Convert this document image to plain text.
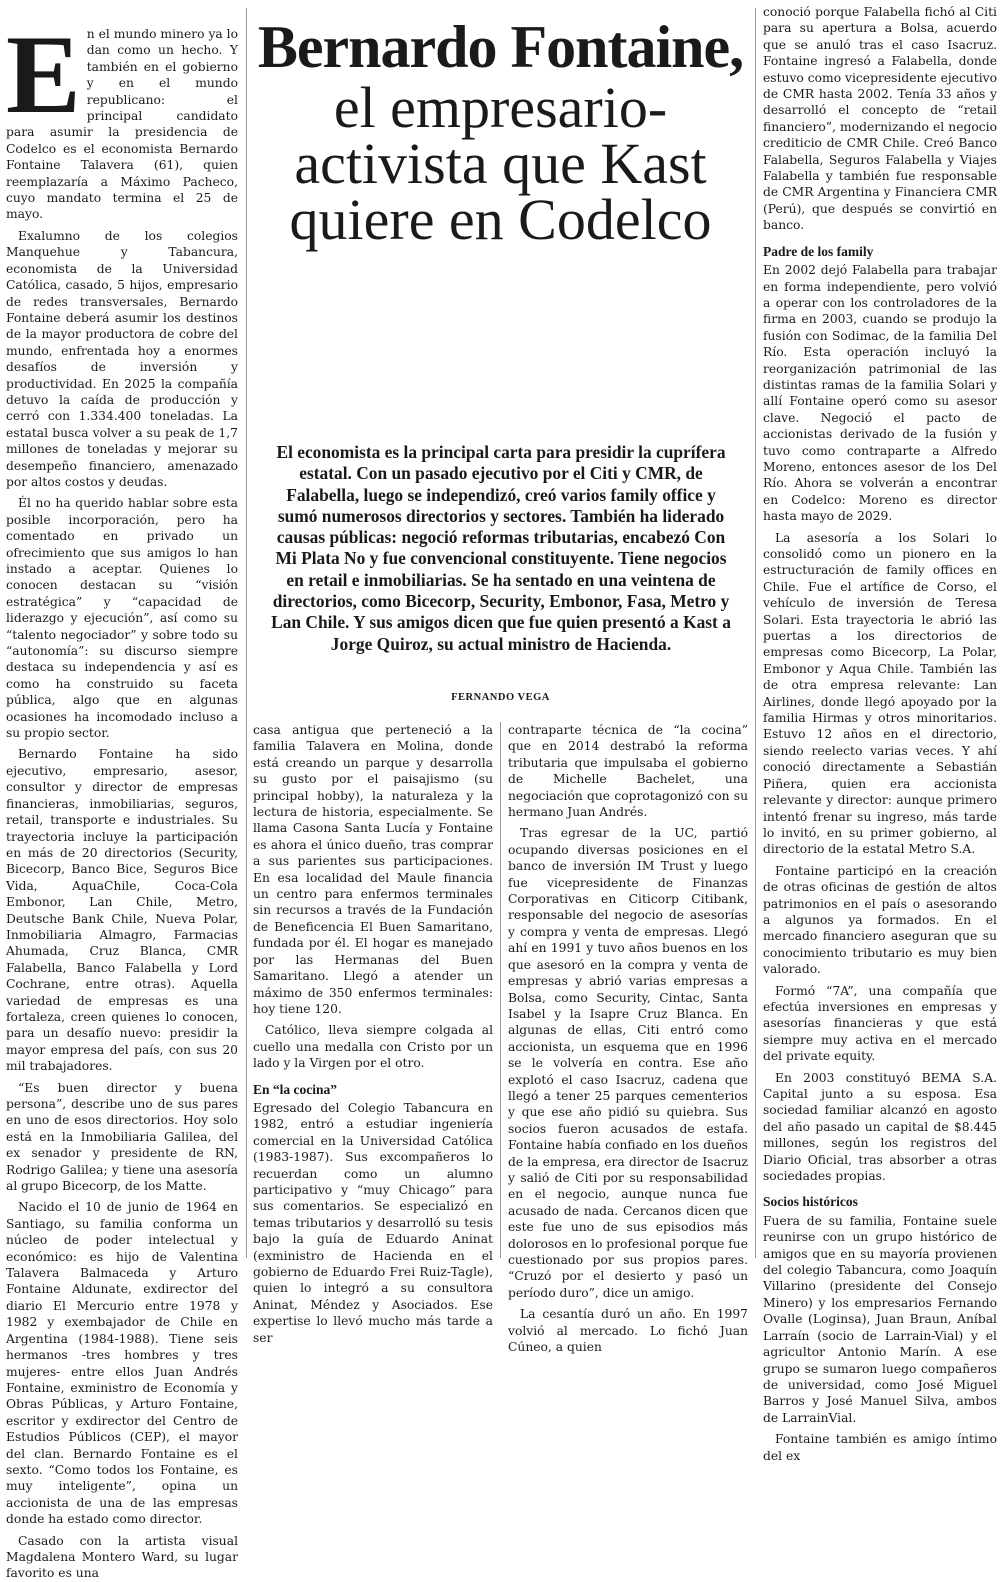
E n el mundo minero ya lo dan como un hecho. Y también en el gobierno y en el mundo republicano: el principal candidato para asumir la presidencia de Codelco es el economista Bernardo Fontaine Talavera (61), quien reemplazaría a Máximo Pacheco, cuyo mandato termina el 25 de mayo.

Exalumno de los colegios Manquehue y Tabancura, economista de la Universidad Católica, casado, 5 hijos, empresario de redes transversales, Bernardo Fontaine deberá asumir los destinos de la mayor productora de cobre del mundo, enfrentada hoy a enormes desafíos de inversión y productividad. En 2025 la compañía detuvo la caída de producción y cerró con 1.334.400 toneladas. La estatal busca volver a su peak de 1,7 millones de toneladas y mejorar su desempeño financiero, amenazado por altos costos y deudas.

Él no ha querido hablar sobre esta posible incorporación, pero ha comentado en privado un ofrecimiento que sus amigos lo han instado a aceptar. Quienes lo conocen destacan su “visión estratégica” y “capacidad de liderazgo y ejecución”, así como su “talento negociador” y sobre todo su “autonomía”: su discurso siempre destaca su independencia y así es como ha construido su faceta pública, algo que en algunas ocasiones ha incomodado incluso a su propio sector.

Bernardo Fontaine ha sido ejecutivo, empresario, asesor, consultor y director de empresas financieras, inmobiliarias, seguros, retail, transporte e industriales. Su trayectoria incluye la participación en más de 20 directorios (Security, Bicecorp, Banco Bice, Seguros Bice Vida, AquaChile, Coca-Cola Embonor, Lan Chile, Metro, Deutsche Bank Chile, Nueva Polar, Inmobiliaria Almagro, Farmacias Ahumada, Cruz Blanca, CMR Falabella, Banco Falabella y Lord Cochrane, entre otras). Aquella variedad de empresas es una fortaleza, creen quienes lo conocen, para un desafío nuevo: presidir la mayor empresa del país, con sus 20 mil trabajadores.

“Es buen director y buena persona”, describe uno de sus pares en uno de esos directorios. Hoy solo está en la Inmobiliaria Galilea, del ex senador y presidente de RN, Rodrigo Galilea; y tiene una asesoría al grupo Bicecorp, de los Matte.

Nacido el 10 de junio de 1964 en Santiago, su familia conforma un núcleo de poder intelectual y económico: es hijo de Valentina Talavera Balmaceda y Arturo Fontaine Aldunate, exdirector del diario El Mercurio entre 1978 y 1982 y exembajador de Chile en Argentina (1984-1988). Tiene seis hermanos -tres hombres y tres mujeres- entre ellos Juan Andrés Fontaine, exministro de Economía y Obras Públicas, y Arturo Fontaine, escritor y exdirector del Centro de Estudios Públicos (CEP), el mayor del clan. Bernardo Fontaine es el sexto. “Como todos los Fontaine, es muy inteligente”, opina un accionista de una de las empresas donde ha estado como director.

Casado con la artista visual Magdalena Montero Ward, su lugar favorito es una

Bernardo Fontaine,
el empresario-activista que Kast quiere en Codelco

El economista es la principal carta para presidir la cuprífera estatal. Con un pasado ejecutivo por el Citi y CMR, de Falabella, luego se independizó, creó varios family office y sumó numerosos directorios y sectores. También ha liderado causas públicas: negoció reformas tributarias, encabezó Con Mi Plata No y fue convencional constituyente. Tiene negocios en retail e inmobiliarias. Se ha sentado en una veintena de directorios, como Bicecorp, Security, Embonor, Fasa, Metro y Lan Chile. Y sus amigos dicen que fue quien presentó a Kast a Jorge Quiroz, su actual ministro de Hacienda.

FERNANDO VEGA

casa antigua que perteneció a la familia Talavera en Molina, donde está creando un parque y desarrolla su gusto por el paisajismo (su principal hobby), la naturaleza y la lectura de historia, especialmente. Se llama Casona Santa Lucía y Fontaine es ahora el único dueño, tras comprar a sus parientes sus participaciones. En esa localidad del Maule financia un centro para enfermos terminales sin recursos a través de la Fundación de Beneficencia El Buen Samaritano, fundada por él. El hogar es manejado por las Hermanas del Buen Samaritano. Llegó a atender un máximo de 350 enfermos terminales: hoy tiene 120.

Católico, lleva siempre colgada al cuello una medalla con Cristo por un lado y la Virgen por el otro.

En “la cocina”

Egresado del Colegio Tabancura en 1982, entró a estudiar ingeniería comercial en la Universidad Católica (1983-1987). Sus excompañeros lo recuerdan como un alumno participativo y “muy Chicago” para sus comentarios. Se especializó en temas tributarios y desarrolló su tesis bajo la guía de Eduardo Aninat (exministro de Hacienda en el gobierno de Eduardo Frei Ruiz-Tagle), quien lo integró a su consultora Aninat, Méndez y Asociados. Ese expertise lo llevó mucho más tarde a ser

contraparte técnica de “la cocina” que en 2014 destrabó la reforma tributaria que impulsaba el gobierno de Michelle Bachelet, una negociación que coprotagonizó con su hermano Juan Andrés.

Tras egresar de la UC, partió ocupando diversas posiciones en el banco de inversión IM Trust y luego fue vicepresidente de Finanzas Corporativas en Citicorp Citibank, responsable del negocio de asesorías y compra y venta de empresas. Llegó ahí en 1991 y tuvo años buenos en los que asesoró en la compra y venta de empresas y abrió varias empresas a Bolsa, como Security, Cintac, Santa Isabel y la Isapre Cruz Blanca. En algunas de ellas, Citi entró como accionista, un esquema que en 1996 se le volvería en contra. Ese año explotó el caso Isacruz, cadena que llegó a tener 25 parques cementerios y que ese año pidió su quiebra. Sus socios fueron acusados de estafa. Fontaine había confiado en los dueños de la empresa, era director de Isacruz y salió de Citi por su responsabilidad en el negocio, aunque nunca fue acusado de nada. Cercanos dicen que este fue uno de sus episodios más dolorosos en lo profesional porque fue cuestionado por sus propios pares. “Cruzó por el desierto y pasó un período duro”, dice un amigo.

La cesantía duró un año. En 1997 volvió al mercado. Lo fichó Juan Cúneo, a quien

conoció porque Falabella fichó al Citi para su apertura a Bolsa, acuerdo que se anuló tras el caso Isacruz. Fontaine ingresó a Falabella, donde estuvo como vicepresidente ejecutivo de CMR hasta 2002. Tenía 33 años y desarrolló el concepto de “retail financiero”, modernizando el negocio crediticio de CMR Chile. Creó Banco Falabella, Seguros Falabella y Viajes Falabella y también fue responsable de CMR Argentina y Financiera CMR (Perú), que después se convirtió en banco.

Padre de los family

En 2002 dejó Falabella para trabajar en forma independiente, pero volvió a operar con los controladores de la firma en 2003, cuando se produjo la fusión con Sodimac, de la familia Del Río. Esta operación incluyó la reorganización patrimonial de las distintas ramas de la familia Solari y allí Fontaine operó como su asesor clave. Negoció el pacto de accionistas derivado de la fusión y tuvo como contraparte a Alfredo Moreno, entonces asesor de los Del Río. Ahora se volverán a encontrar en Codelco: Moreno es director hasta mayo de 2029.

La asesoría a los Solari lo consolidó como un pionero en la estructuración de family offices en Chile. Fue el artífice de Corso, el vehículo de inversión de Teresa Solari. Esta trayectoria le abrió las puertas a los directorios de empresas como Bicecorp, La Polar, Embonor y Aqua Chile. También las de otra empresa relevante: Lan Airlines, donde llegó apoyado por la familia Hirmas y otros minoritarios. Estuvo 12 años en el directorio, siendo reelecto varias veces. Y ahí conoció directamente a Sebastián Piñera, quien era accionista relevante y director: aunque primero intentó frenar su ingreso, más tarde lo invitó, en su primer gobierno, al directorio de la estatal Metro S.A.

Fontaine participó en la creación de otras oficinas de gestión de altos patrimonios en el país o asesorando a algunos ya formados. En el mercado financiero aseguran que su conocimiento tributario es muy bien valorado.

Formó “7A”, una compañía que efectúa inversiones en empresas y asesorías financieras y que está siempre muy activa en el mercado del private equity.

En 2003 constituyó BEMA S.A. Capital junto a su esposa. Esa sociedad familiar alcanzó en agosto del año pasado un capital de $8.445 millones, según los registros del Diario Oficial, tras absorber a otras sociedades propias.

Socios históricos

Fuera de su familia, Fontaine suele reunirse con un grupo histórico de amigos que en su mayoría provienen del colegio Tabancura, como Joaquín Villarino (presidente del Consejo Minero) y los empresarios Fernando Ovalle (Loginsa), Juan Braun, Aníbal Larraín (socio de Larrain-Vial) y el agricultor Antonio Marín. A ese grupo se sumaron luego compañeros de universidad, como José Miguel Barros y José Manuel Silva, ambos de LarrainVial.

Fontaine también es amigo íntimo del ex
